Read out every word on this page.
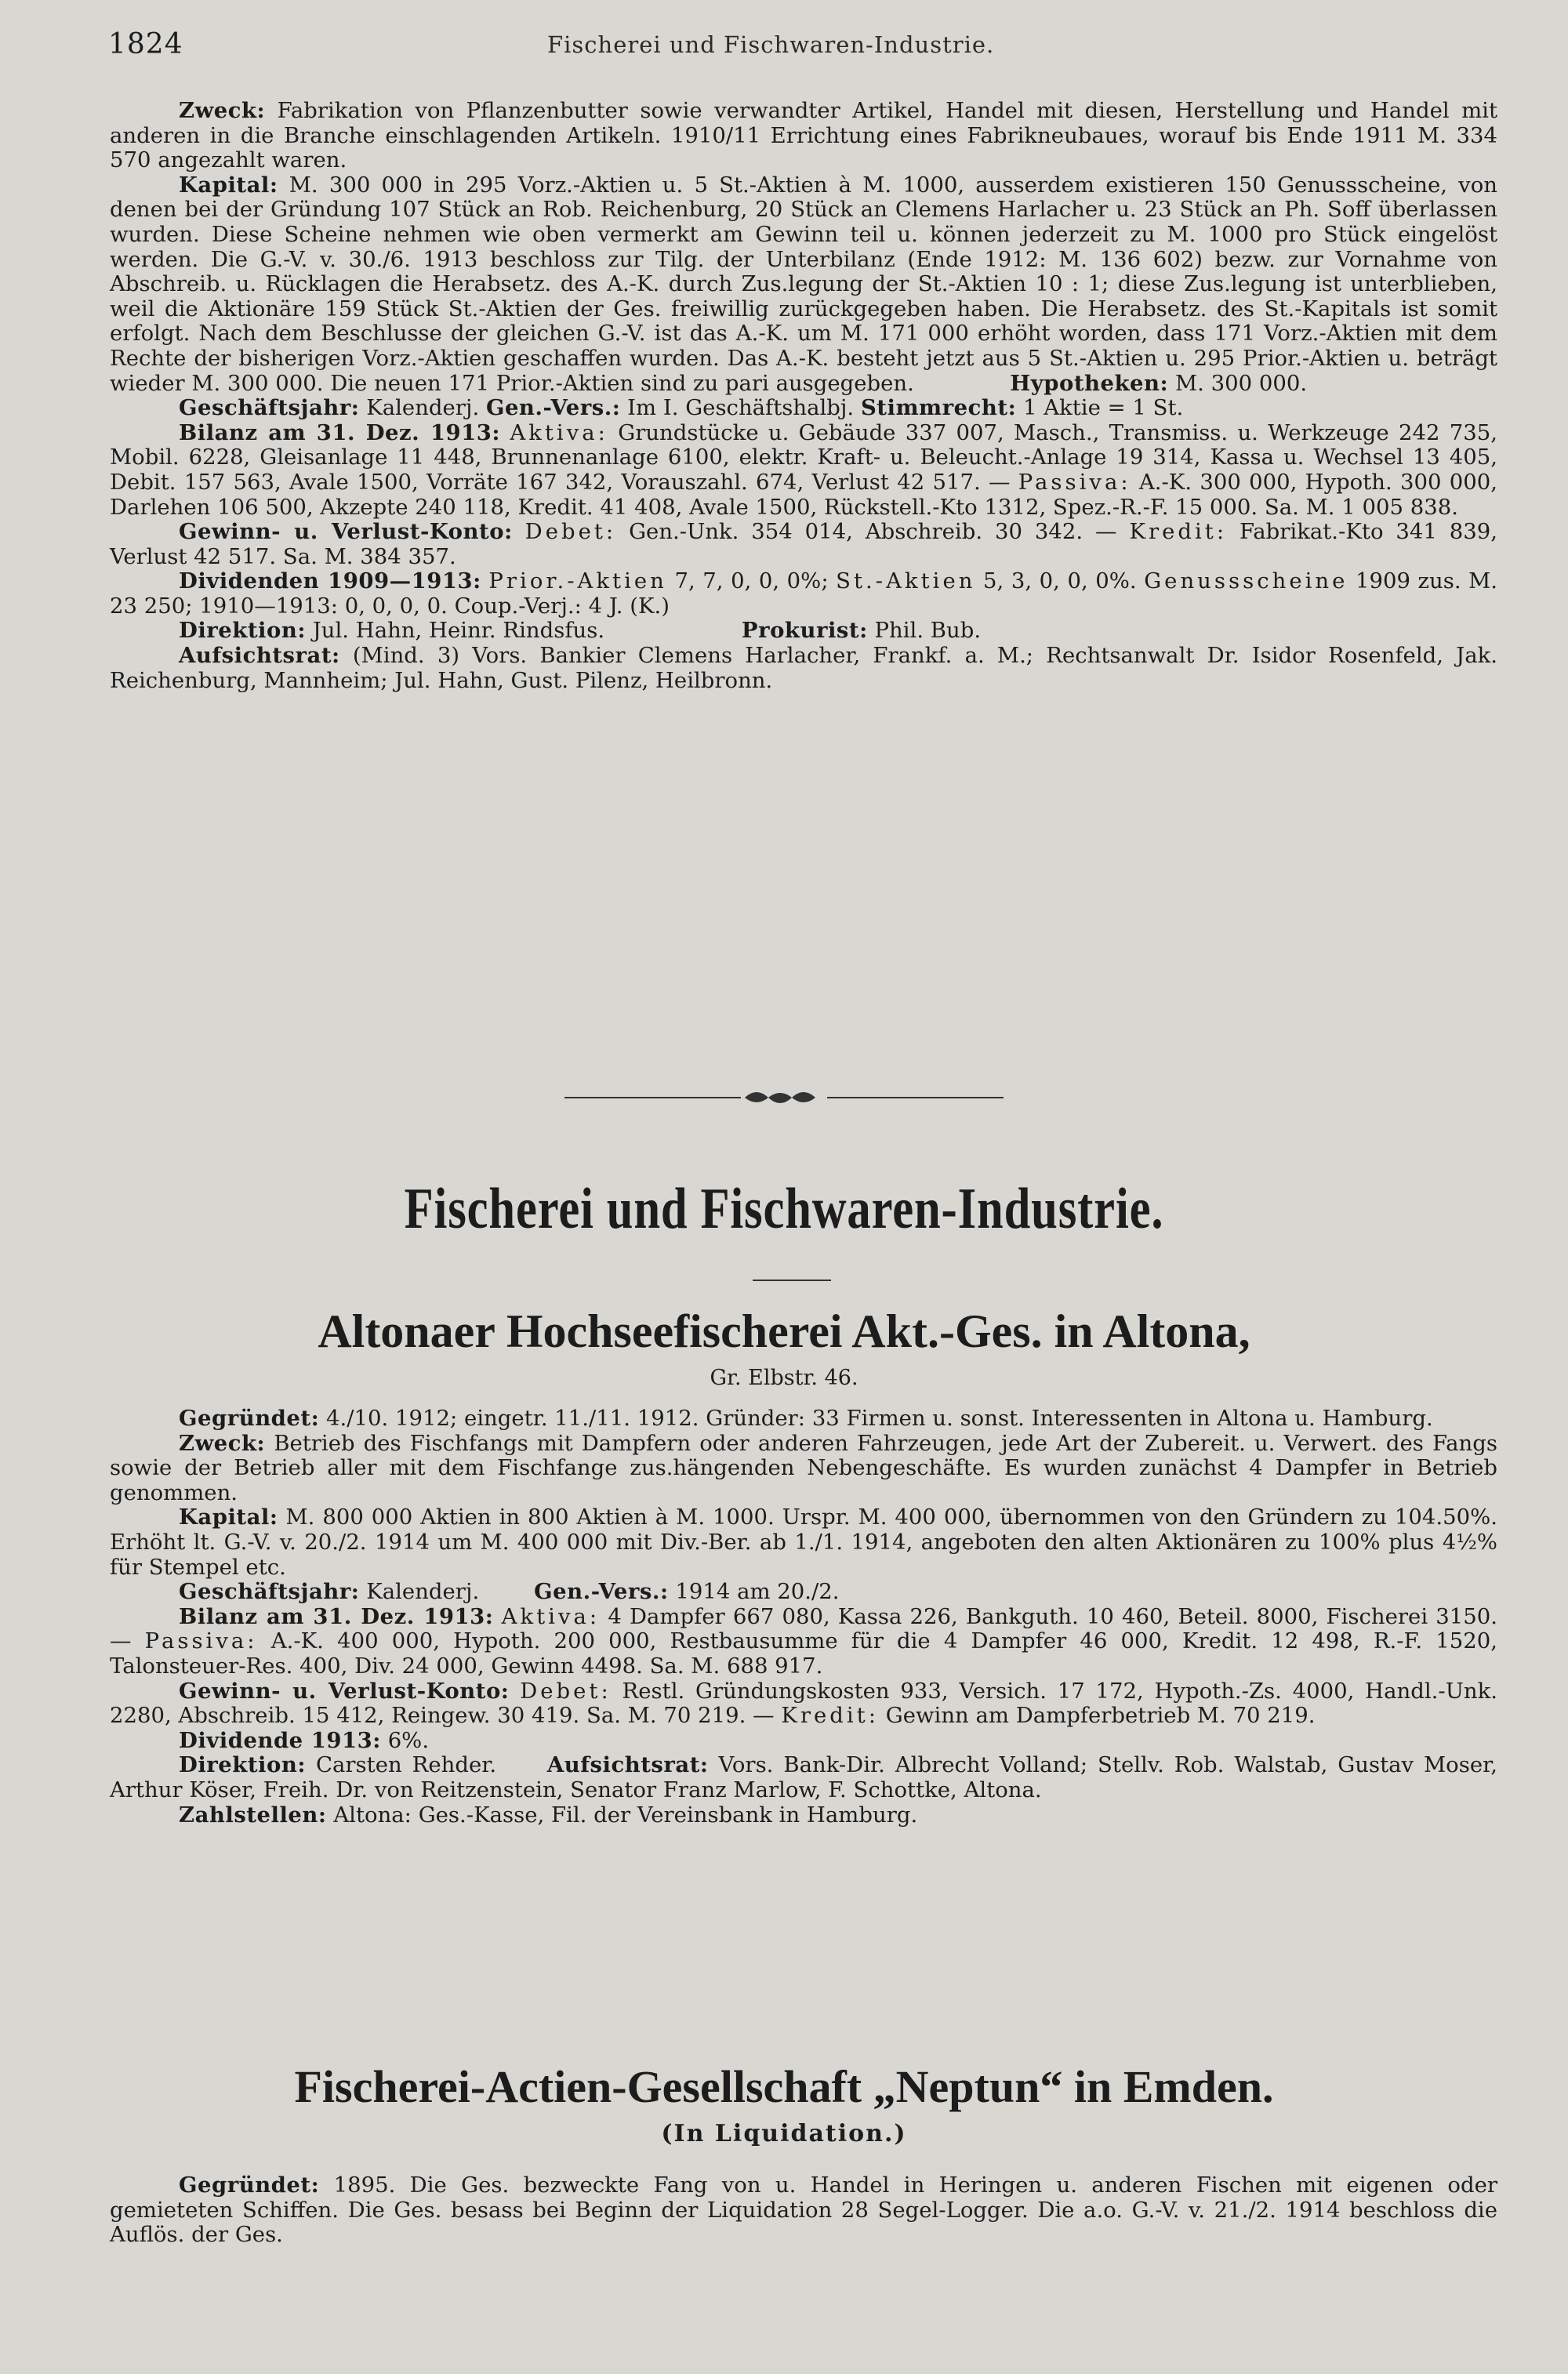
1824	Fischerei und Fischwaren-Industrie.

Zweck: Fabrikation von Pflanzenbutter sowie verwandter Artikel, Handel mit diesen, Herstellung und Handel mit anderen in die Branche einschlagenden Artikeln. 1910/11 Errichtung eines Fabrikneubaues, worauf bis Ende 1911 M. 334 570 angezahlt waren.

Kapital: M. 300 000 in 295 Vorz.-Aktien u. 5 St.-Aktien à M. 1000, ausserdem existieren 150 Genussscheine, von denen bei der Gründung 107 Stück an Rob. Reichenburg, 20 Stück an Clemens Harlacher u. 23 Stück an Ph. Soff überlassen wurden. Diese Scheine nehmen wie oben vermerkt am Gewinn teil u. können jederzeit zu M. 1000 pro Stück eingelöst werden. Die G.-V. v. 30./6. 1913 beschloss zur Tilg. der Unterbilanz (Ende 1912: M. 136 602) bezw. zur Vornahme von Abschreib. u. Rücklagen die Herabsetz. des A.-K. durch Zus.legung der St.-Aktien 10 : 1; diese Zus.legung ist unterblieben, weil die Aktionäre 159 Stück St.-Aktien der Ges. freiwillig zurückgegeben haben. Die Herabsetz. des St.-Kapitals ist somit erfolgt. Nach dem Beschlusse der gleichen G.-V. ist das A.-K. um M. 171 000 erhöht worden, dass 171 Vorz.-Aktien mit dem Rechte der bisherigen Vorz.-Aktien geschaffen wurden. Das A.-K. besteht jetzt aus 5 St.-Aktien u. 295 Prior.-Aktien u. beträgt wieder M. 300 000. Die neuen 171 Prior.-Aktien sind zu pari ausgegeben.	Hypotheken: M. 300 000.

Geschäftsjahr: Kalenderj. Gen.-Vers.: Im I. Geschäftshalbj. Stimmrecht: 1 Aktie = 1 St.

Bilanz am 31. Dez. 1913: Aktiva: Grundstücke u. Gebäude 337 007, Masch., Transmiss. u. Werkzeuge 242 735, Mobil. 6228, Gleisanlage 11 448, Brunnenanlage 6100, elektr. Kraft- u. Beleucht.-Anlage 19 314, Kassa u. Wechsel 13 405, Debit. 157 563, Avale 1500, Vorräte 167 342, Vorauszahl. 674, Verlust 42 517. — Passiva: A.-K. 300 000, Hypoth. 300 000, Darlehen 106 500, Akzepte 240 118, Kredit. 41 408, Avale 1500, Rückstell.-Kto 1312, Spez.-R.-F. 15 000. Sa. M. 1 005 838.

Gewinn- u. Verlust-Konto: Debet: Gen.-Unk. 354 014, Abschreib. 30 342. — Kredit: Fabrikat.-Kto 341 839, Verlust 42 517. Sa. M. 384 357.

Dividenden 1909—1913: Prior.-Aktien 7, 7, 0, 0, 0%; St.-Aktien 5, 3, 0, 0, 0%. Genussscheine 1909 zus. M. 23 250; 1910—1913: 0, 0, 0, 0. Coup.-Verj.: 4 J. (K.)

Direktion: Jul. Hahn, Heinr. Rindsfus.	Prokurist: Phil. Bub.

Aufsichtsrat: (Mind. 3) Vors. Bankier Clemens Harlacher, Frankf. a. M.; Rechtsanwalt Dr. Isidor Rosenfeld, Jak. Reichenburg, Mannheim; Jul. Hahn, Gust. Pilenz, Heilbronn.

Fischerei und Fischwaren-Industrie.
Altonaer Hochseefischerei Akt.-Ges. in Altona,
Gr. Elbstr. 46.

Gegründet: 4./10. 1912; eingetr. 11./11. 1912. Gründer: 33 Firmen u. sonst. Interessenten in Altona u. Hamburg.

Zweck: Betrieb des Fischfangs mit Dampfern oder anderen Fahrzeugen, jede Art der Zubereit. u. Verwert. des Fangs sowie der Betrieb aller mit dem Fischfange zus.hängenden Nebengeschäfte. Es wurden zunächst 4 Dampfer in Betrieb genommen.

Kapital: M. 800 000 Aktien in 800 Aktien à M. 1000. Urspr. M. 400 000, übernommen von den Gründern zu 104.50%. Erhöht lt. G.-V. v. 20./2. 1914 um M. 400 000 mit Div.-Ber. ab 1./1. 1914, angeboten den alten Aktionären zu 100% plus 4½% für Stempel etc.

Geschäftsjahr: Kalenderj.	Gen.-Vers.: 1914 am 20./2.

Bilanz am 31. Dez. 1913: Aktiva: 4 Dampfer 667 080, Kassa 226, Bankguth. 10 460, Beteil. 8000, Fischerei 3150. — Passiva: A.-K. 400 000, Hypoth. 200 000, Restbausumme für die 4 Dampfer 46 000, Kredit. 12 498, R.-F. 1520, Talonsteuer-Res. 400, Div. 24 000, Gewinn 4498. Sa. M. 688 917.

Gewinn- u. Verlust-Konto: Debet: Restl. Gründungskosten 933, Versich. 17 172, Hypoth.-Zs. 4000, Handl.-Unk. 2280, Abschreib. 15 412, Reingew. 30 419. Sa. M. 70 219. — Kredit: Gewinn am Dampferbetrieb M. 70 219.

Dividende 1913: 6%.

Direktion: Carsten Rehder. Aufsichtsrat: Vors. Bank-Dir. Albrecht Volland; Stellv. Rob. Walstab, Gustav Moser, Arthur Köser, Freih. Dr. von Reitzenstein, Senator Franz Marlow, F. Schottke, Altona.

Zahlstellen: Altona: Ges.-Kasse, Fil. der Vereinsbank in Hamburg.

Fischerei-Actien-Gesellschaft „Neptun“ in Emden.
(In Liquidation.)

Gegründet: 1895. Die Ges. bezweckte Fang von u. Handel in Heringen u. anderen Fischen mit eigenen oder gemieteten Schiffen. Die Ges. besass bei Beginn der Liquidation 28 Segel-Logger. Die a.o. G.-V. v. 21./2. 1914 beschloss die Auflös. der Ges.
